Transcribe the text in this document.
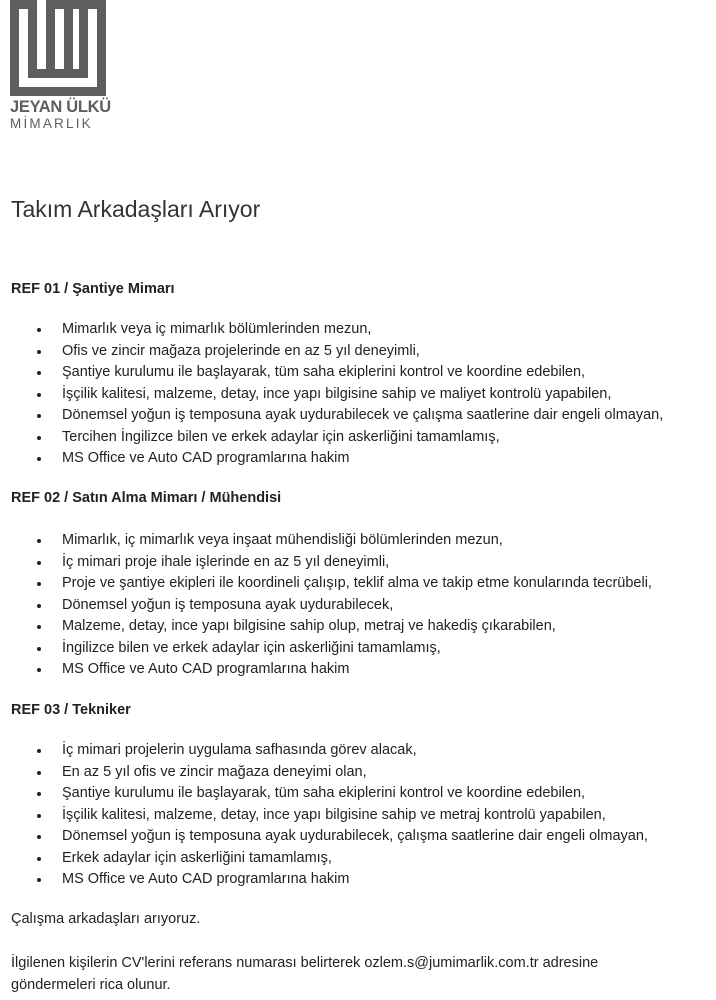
JEYAN ÜLKÜ
MİMARLIK
Takım Arkadaşları Arıyor
REF 01 / Şantiye Mimarı
Mimarlık veya iç mimarlık bölümlerinden mezun,
Ofis ve zincir mağaza projelerinde en az 5 yıl deneyimli,
Şantiye kurulumu ile başlayarak, tüm saha ekiplerini kontrol ve koordine edebilen,
İşçilik kalitesi, malzeme, detay, ince yapı bilgisine sahip ve maliyet kontrolü yapabilen,
Dönemsel yoğun iş temposuna ayak uydurabilecek ve çalışma saatlerine dair engeli olmayan,
Tercihen İngilizce bilen ve erkek adaylar için askerliğini tamamlamış,
MS Office ve Auto CAD programlarına hakim
REF 02 / Satın Alma Mimarı / Mühendisi
Mimarlık, iç mimarlık veya inşaat mühendisliği bölümlerinden mezun,
İç mimari proje ihale işlerinde en az 5 yıl deneyimli,
Proje ve şantiye ekipleri ile koordineli çalışıp, teklif alma ve takip etme konularında tecrübeli,
Dönemsel yoğun iş temposuna ayak uydurabilecek,
Malzeme, detay, ince yapı bilgisine sahip olup, metraj ve hakediş çıkarabilen,
İngilizce bilen ve erkek adaylar için askerliğini tamamlamış,
MS Office ve Auto CAD programlarına hakim
REF 03 / Tekniker
İç mimari projelerin uygulama safhasında görev alacak,
En az 5 yıl ofis ve zincir mağaza deneyimi olan,
Şantiye kurulumu ile başlayarak, tüm saha ekiplerini kontrol ve koordine edebilen,
İşçilik kalitesi, malzeme, detay, ince yapı bilgisine sahip ve metraj kontrolü yapabilen,
Dönemsel yoğun iş temposuna ayak uydurabilecek, çalışma saatlerine dair engeli olmayan,
Erkek adaylar için askerliğini tamamlamış,
MS Office ve Auto CAD programlarına hakim

Çalışma arkadaşları arıyoruz.

İlgilenen kişilerin CV'lerini referans numarası belirterek ozlem.s@jumimarlik.com.tr adresine göndermeleri rica olunur.
